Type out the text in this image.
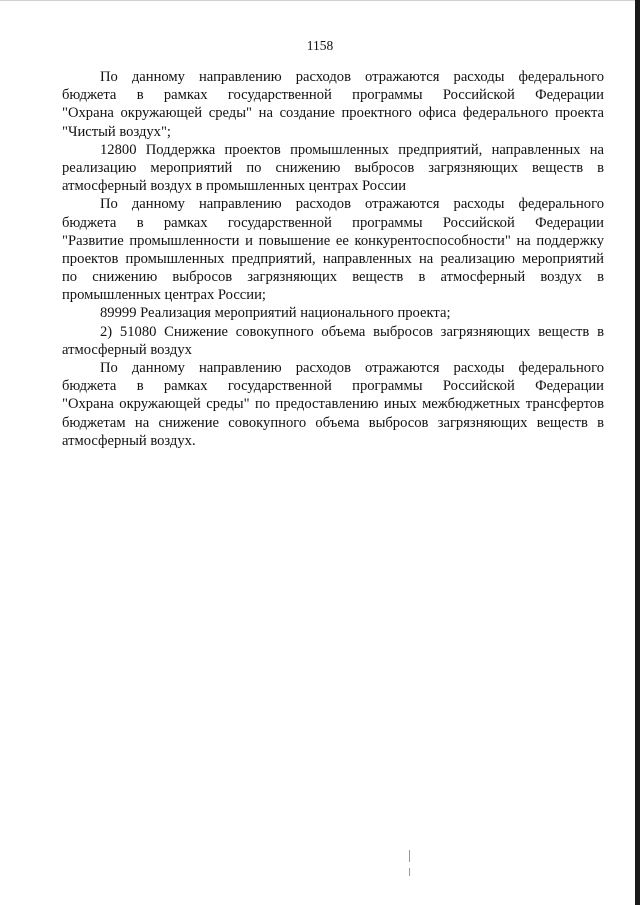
1158
По данному направлению расходов отражаются расходы федерального
бюджета в рамках государственной программы Российской Федерации
"Охрана окружающей среды" на создание проектного офиса федерального проекта
"Чистый воздух";
12800 Поддержка проектов промышленных предприятий, направленных на
реализацию мероприятий по снижению выбросов загрязняющих веществ в
атмосферный воздух в промышленных центрах России
По данному направлению расходов отражаются расходы федерального
бюджета в рамках государственной программы Российской Федерации
"Развитие промышленности и повышение ее конкурентоспособности" на поддержку
проектов промышленных предприятий, направленных на реализацию мероприятий
по снижению выбросов загрязняющих веществ в атмосферный воздух в
промышленных центрах России;
89999 Реализация мероприятий национального проекта;
2) 51080 Снижение совокупного объема выбросов загрязняющих веществ в
атмосферный воздух
По данному направлению расходов отражаются расходы федерального
бюджета в рамках государственной программы Российской Федерации
"Охрана окружающей среды" по предоставлению иных межбюджетных трансфертов
бюджетам на снижение совокупного объема выбросов загрязняющих веществ в
атмосферный воздух.
